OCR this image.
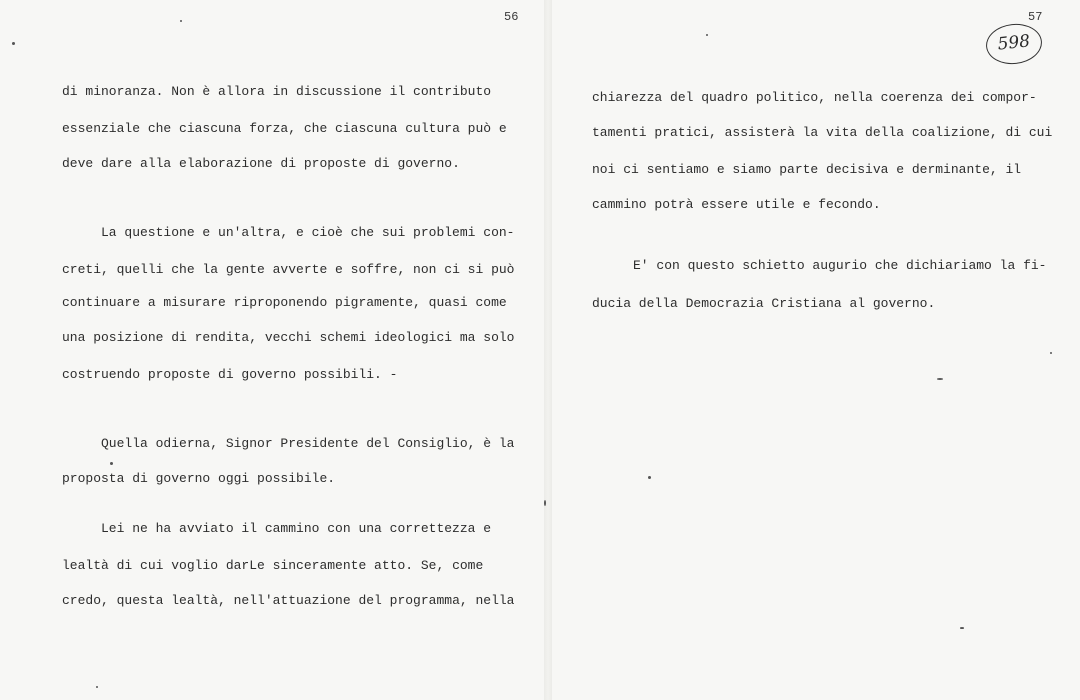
56	57
598
di minoranza. Non è allora in discussione il contributo
essenziale che ciascuna forza, che ciascuna cultura può e
deve dare alla elaborazione di proposte di governo.
La questione e un'altra, e cioè che sui problemi con-
creti, quelli che la gente avverte e soffre, non ci si può
continuare a misurare riproponendo pigramente, quasi come
una posizione di rendita, vecchi schemi ideologici ma solo
costruendo proposte di governo possibili. -
Quella odierna, Signor Presidente del Consiglio, è la
proposta di governo oggi possibile.
Lei ne ha avviato il cammino con una correttezza e
lealtà di cui voglio darLe sinceramente atto. Se, come
credo, questa lealtà, nell'attuazione del programma, nella
chiarezza del quadro politico, nella coerenza dei compor-
tamenti pratici, assisterà la vita della coalizione, di cui
noi ci sentiamo e siamo parte decisiva e derminante, il
cammino potrà essere utile e fecondo.
E' con questo schietto augurio che dichiariamo la fi-
ducia della Democrazia Cristiana al governo.
